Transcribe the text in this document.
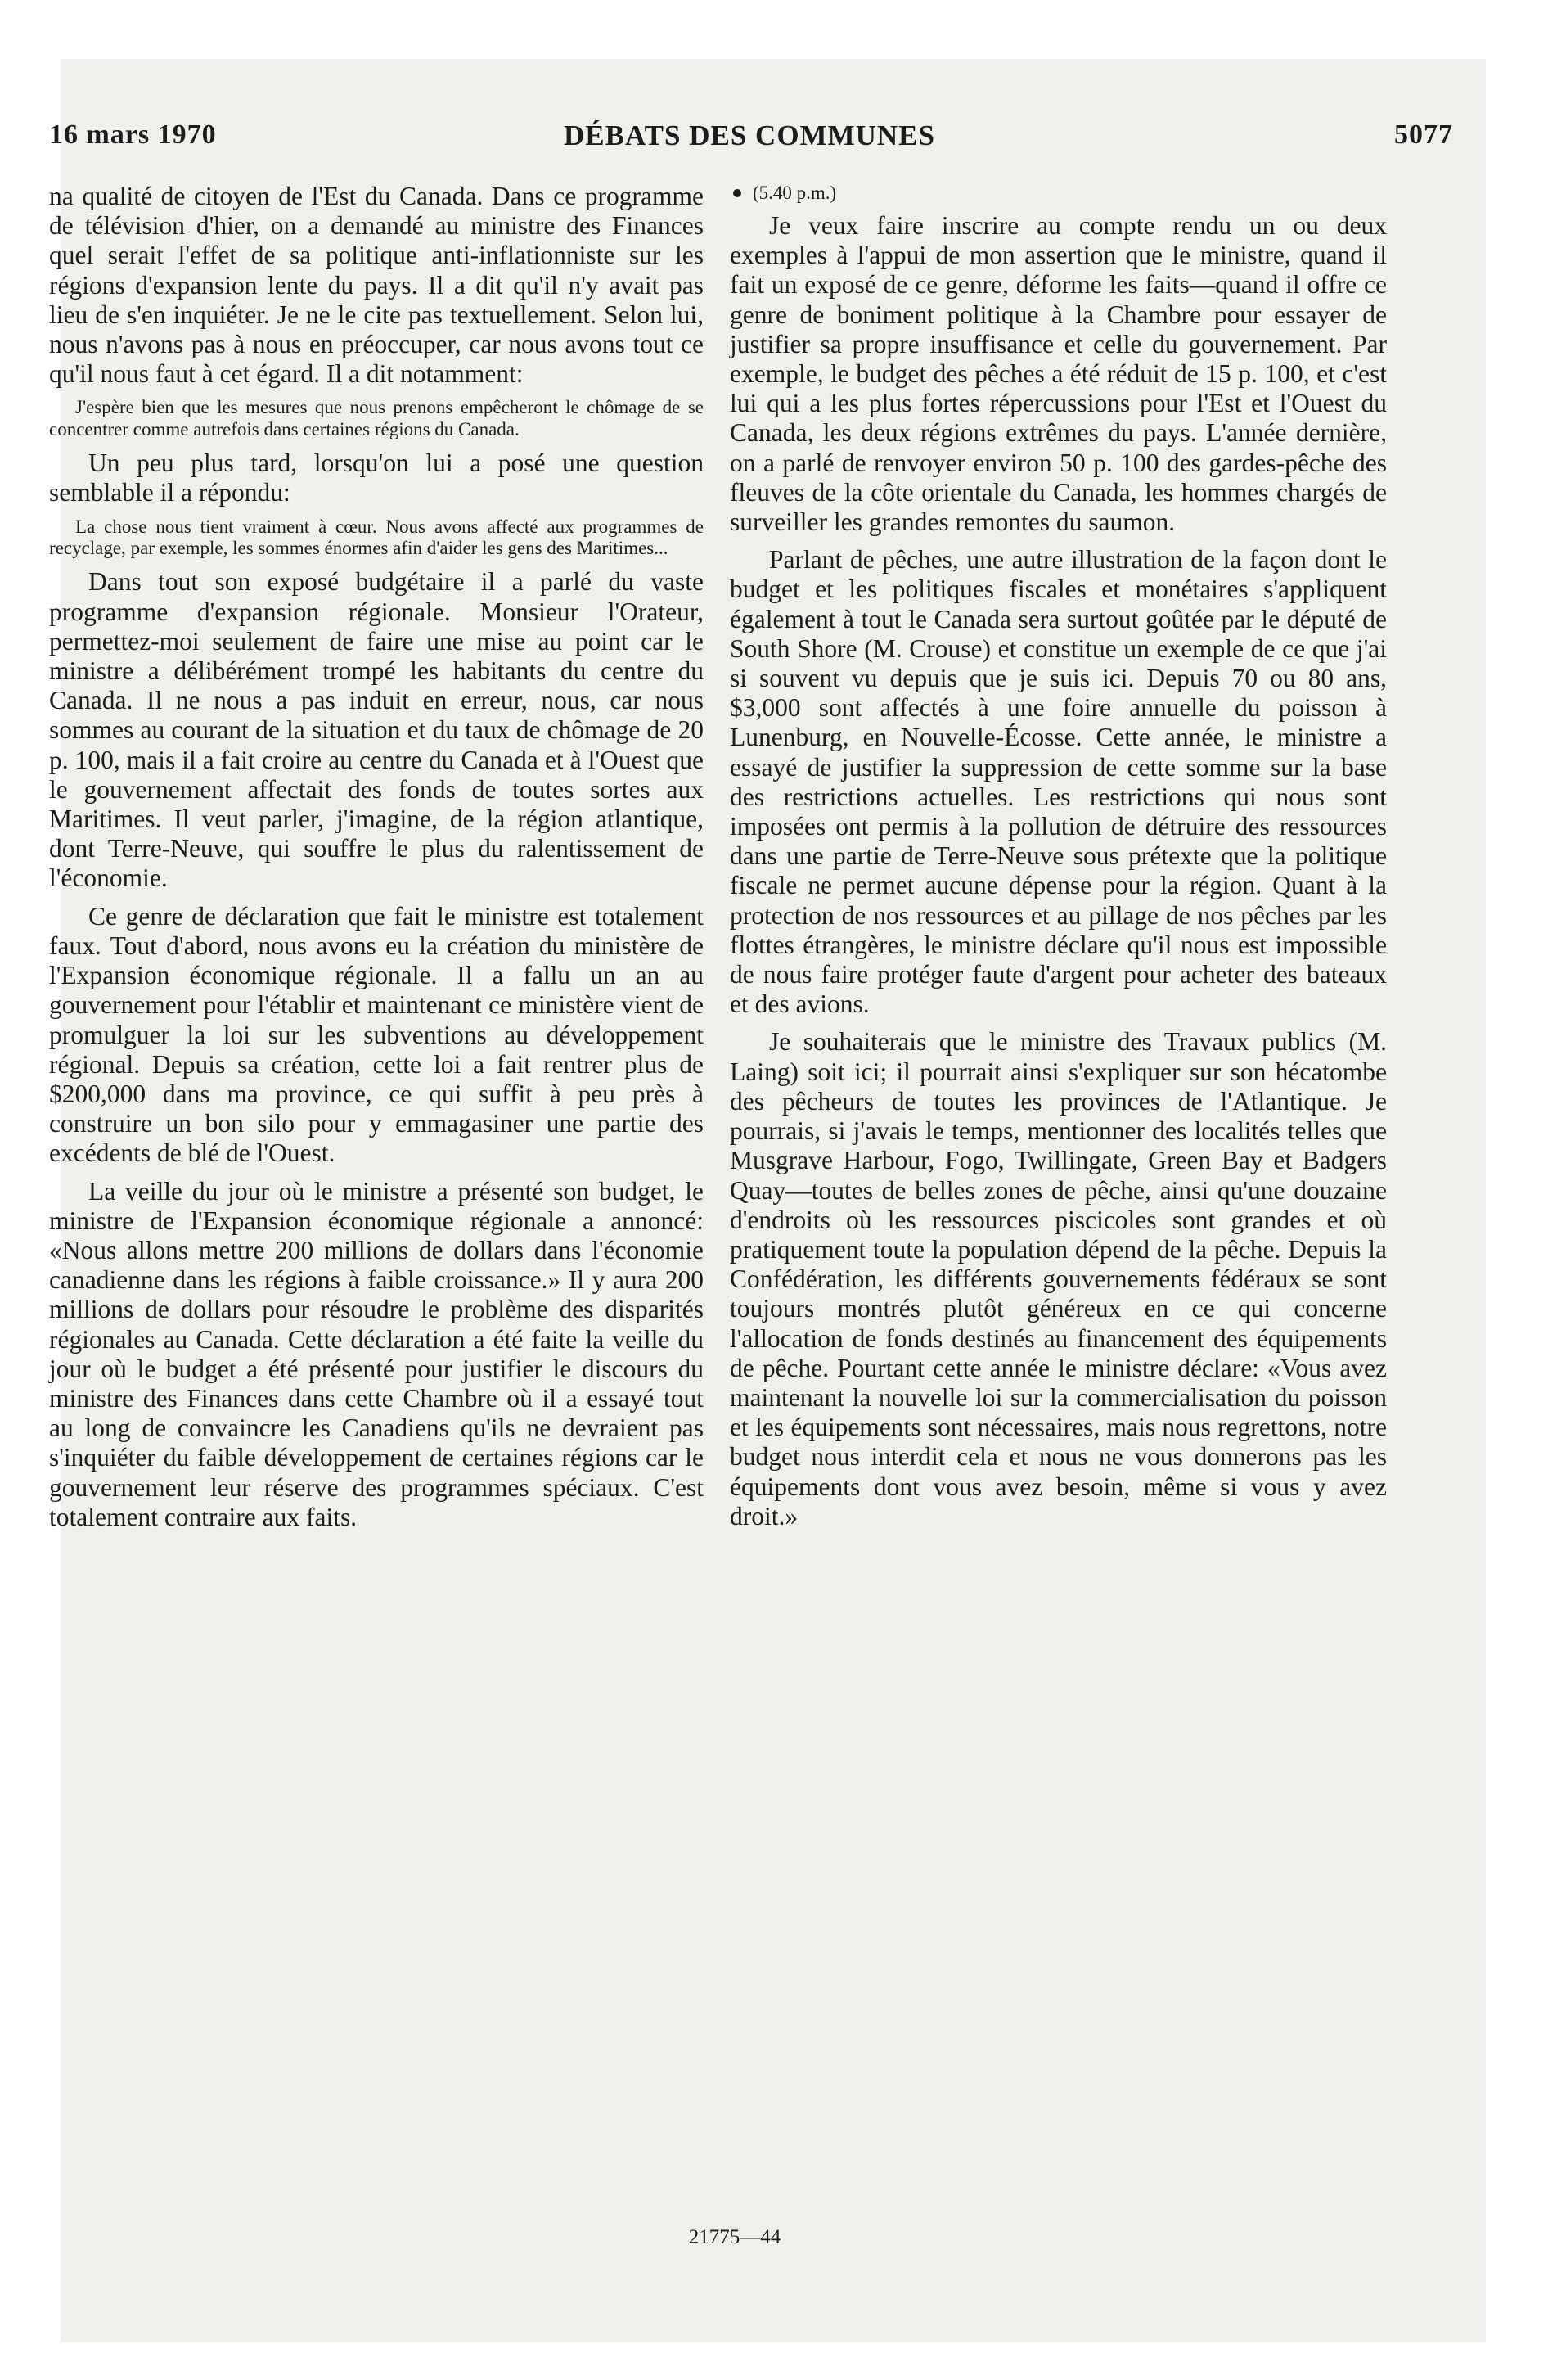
16 mars 1970	DÉBATS DES COMMUNES	5077

na qualité de citoyen de l'Est du Canada. Dans ce programme de télévision d'hier, on a demandé au ministre des Finances quel serait l'effet de sa politique anti-inflationniste sur les régions d'expansion lente du pays. Il a dit qu'il n'y avait pas lieu de s'en inquiéter. Je ne le cite pas textuellement. Selon lui, nous n'avons pas à nous en préoccuper, car nous avons tout ce qu'il nous faut à cet égard. Il a dit notamment:

J'espère bien que les mesures que nous prenons empêcheront le chômage de se concentrer comme autrefois dans certaines régions du Canada.

Un peu plus tard, lorsqu'on lui a posé une question semblable il a répondu:

La chose nous tient vraiment à cœur. Nous avons affecté aux programmes de recyclage, par exemple, les sommes énormes afin d'aider les gens des Maritimes...

Dans tout son exposé budgétaire il a parlé du vaste programme d'expansion régionale. Monsieur l'Orateur, permettez-moi seulement de faire une mise au point car le ministre a délibérément trompé les habitants du centre du Canada. Il ne nous a pas induit en erreur, nous, car nous sommes au courant de la situation et du taux de chômage de 20 p. 100, mais il a fait croire au centre du Canada et à l'Ouest que le gouvernement affectait des fonds de toutes sortes aux Maritimes. Il veut parler, j'imagine, de la région atlantique, dont Terre-Neuve, qui souffre le plus du ralentissement de l'économie.

Ce genre de déclaration que fait le ministre est totalement faux. Tout d'abord, nous avons eu la création du ministère de l'Expansion économique régionale. Il a fallu un an au gouvernement pour l'établir et maintenant ce ministère vient de promulguer la loi sur les subventions au développement régional. Depuis sa création, cette loi a fait rentrer plus de $200,000 dans ma province, ce qui suffit à peu près à construire un bon silo pour y emmagasiner une partie des excédents de blé de l'Ouest.

La veille du jour où le ministre a présenté son budget, le ministre de l'Expansion économique régionale a annoncé: «Nous allons mettre 200 millions de dollars dans l'économie canadienne dans les régions à faible croissance.» Il y aura 200 millions de dollars pour résoudre le problème des disparités régionales au Canada. Cette déclaration a été faite la veille du jour où le budget a été présenté pour justifier le discours du ministre des Finances dans cette Chambre où il a essayé tout au long de convaincre les Canadiens qu'ils ne devraient pas s'inquiéter du faible développement de certaines régions car le gouvernement leur réserve des programmes spéciaux. C'est totalement contraire aux faits.

(5.40 p.m.)

Je veux faire inscrire au compte rendu un ou deux exemples à l'appui de mon assertion que le ministre, quand il fait un exposé de ce genre, déforme les faits—quand il offre ce genre de boniment politique à la Chambre pour essayer de justifier sa propre insuffisance et celle du gouvernement. Par exemple, le budget des pêches a été réduit de 15 p. 100, et c'est lui qui a les plus fortes répercussions pour l'Est et l'Ouest du Canada, les deux régions extrêmes du pays. L'année dernière, on a parlé de renvoyer environ 50 p. 100 des gardes-pêche des fleuves de la côte orientale du Canada, les hommes chargés de surveiller les grandes remontes du saumon.

Parlant de pêches, une autre illustration de la façon dont le budget et les politiques fiscales et monétaires s'appliquent également à tout le Canada sera surtout goûtée par le député de South Shore (M. Crouse) et constitue un exemple de ce que j'ai si souvent vu depuis que je suis ici. Depuis 70 ou 80 ans, $3,000 sont affectés à une foire annuelle du poisson à Lunenburg, en Nouvelle-Écosse. Cette année, le ministre a essayé de justifier la suppression de cette somme sur la base des restrictions actuelles. Les restrictions qui nous sont imposées ont permis à la pollution de détruire des ressources dans une partie de Terre-Neuve sous prétexte que la politique fiscale ne permet aucune dépense pour la région. Quant à la protection de nos ressources et au pillage de nos pêches par les flottes étrangères, le ministre déclare qu'il nous est impossible de nous faire protéger faute d'argent pour acheter des bateaux et des avions.

Je souhaiterais que le ministre des Travaux publics (M. Laing) soit ici; il pourrait ainsi s'expliquer sur son hécatombe des pêcheurs de toutes les provinces de l'Atlantique. Je pourrais, si j'avais le temps, mentionner des localités telles que Musgrave Harbour, Fogo, Twillingate, Green Bay et Badgers Quay—toutes de belles zones de pêche, ainsi qu'une douzaine d'endroits où les ressources piscicoles sont grandes et où pratiquement toute la population dépend de la pêche. Depuis la Confédération, les différents gouvernements fédéraux se sont toujours montrés plutôt généreux en ce qui concerne l'allocation de fonds destinés au financement des équipements de pêche. Pourtant cette année le ministre déclare: «Vous avez maintenant la nouvelle loi sur la commercialisation du poisson et les équipements sont nécessaires, mais nous regrettons, notre budget nous interdit cela et nous ne vous donnerons pas les équipements dont vous avez besoin, même si vous y avez droit.»

21775—44
